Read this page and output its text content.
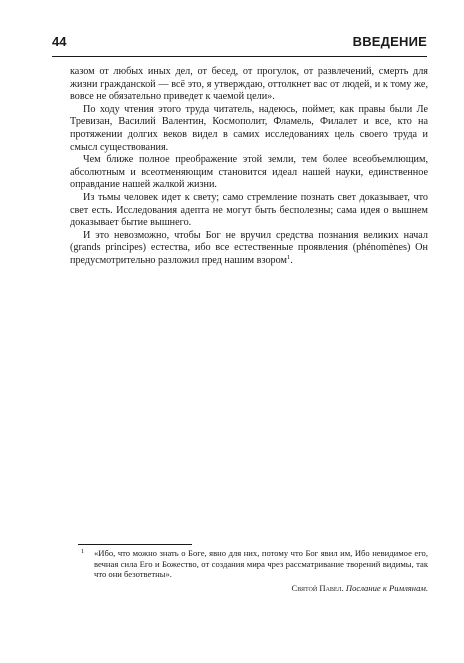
44	ВВЕДЕНИЕ

казом от любых иных дел, от бесед, от прогулок, от развлечений, смерть для жизни гражданской — всё это, я утверждаю, оттолкнет вас от людей, и к тому же, вовсе не обязательно приведет к чаемой цели».

По ходу чтения этого труда читатель, надеюсь, поймет, как правы были Ле Тревизан, Василий Валентин, Космополит, Фламель, Филалет и все, кто на протяжении долгих веков видел в самих исследованиях цель своего труда и смысл существования.

Чем ближе полное преображение этой земли, тем более всеобъемлющим, абсолютным и всеотменяющим становится идеал нашей науки, единственное оправдание нашей жалкой жизни.

Из тьмы человек идет к свету; само стремление познать свет доказывает, что свет есть. Исследования адепта не могут быть бесполезны; сама идея о вышнем доказывает бытие вышнего.

И это невозможно, чтобы Бог не вручил средства познания великих начал (grands principes) естества, ибо все естественные проявления (phénomènes) Он предусмотрительно разложил пред нашим взором$^1$.

1 «Ибо, что можно знать о Боге, явно для них, потому что Бог явил им, Ибо невидимое его, вечная сила Его и Божество, от создания мира чрез рассматривание творений видимы, так что они безответны».

Святой Павел. Послание к Римлянам.
